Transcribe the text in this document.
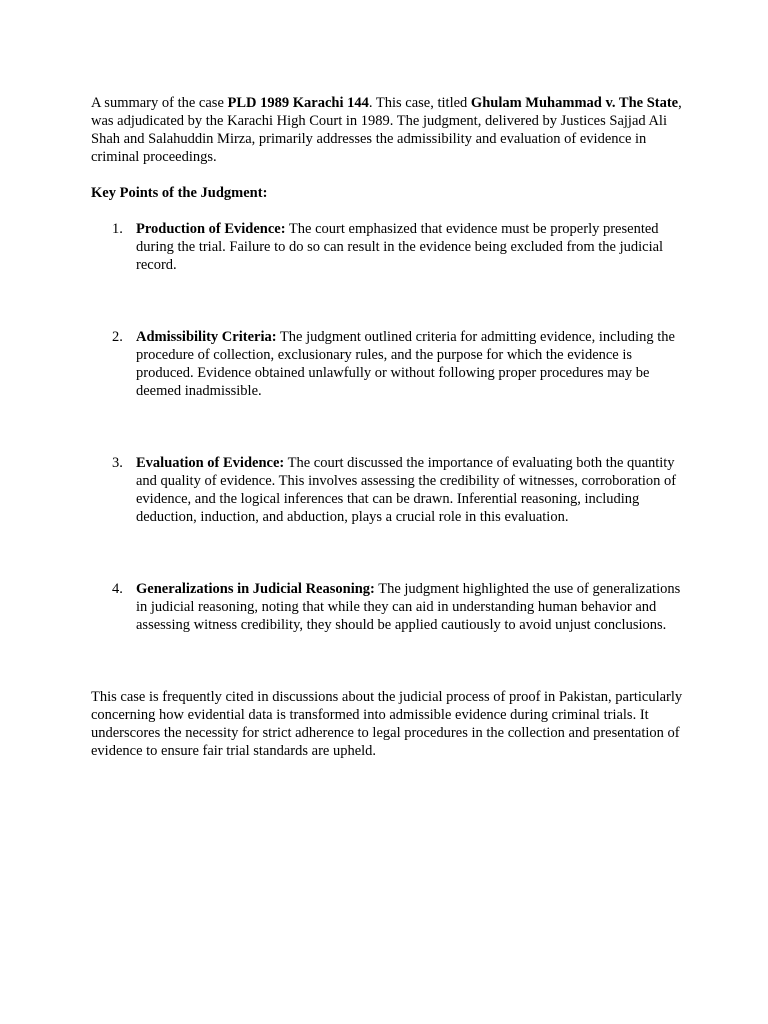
A summary of the case PLD 1989 Karachi 144. This case, titled Ghulam Muhammad v. The State, was adjudicated by the Karachi High Court in 1989. The judgment, delivered by Justices Sajjad Ali Shah and Salahuddin Mirza, primarily addresses the admissibility and evaluation of evidence in criminal proceedings.

Key Points of the Judgment:

1. Production of Evidence: The court emphasized that evidence must be properly presented during the trial. Failure to do so can result in the evidence being excluded from the judicial record.
2. Admissibility Criteria: The judgment outlined criteria for admitting evidence, including the procedure of collection, exclusionary rules, and the purpose for which the evidence is produced. Evidence obtained unlawfully or without following proper procedures may be deemed inadmissible.
3. Evaluation of Evidence: The court discussed the importance of evaluating both the quantity and quality of evidence. This involves assessing the credibility of witnesses, corroboration of evidence, and the logical inferences that can be drawn. Inferential reasoning, including deduction, induction, and abduction, plays a crucial role in this evaluation.
4. Generalizations in Judicial Reasoning: The judgment highlighted the use of generalizations in judicial reasoning, noting that while they can aid in understanding human behavior and assessing witness credibility, they should be applied cautiously to avoid unjust conclusions.

This case is frequently cited in discussions about the judicial process of proof in Pakistan, particularly concerning how evidential data is transformed into admissible evidence during criminal trials. It underscores the necessity for strict adherence to legal procedures in the collection and presentation of evidence to ensure fair trial standards are upheld.
